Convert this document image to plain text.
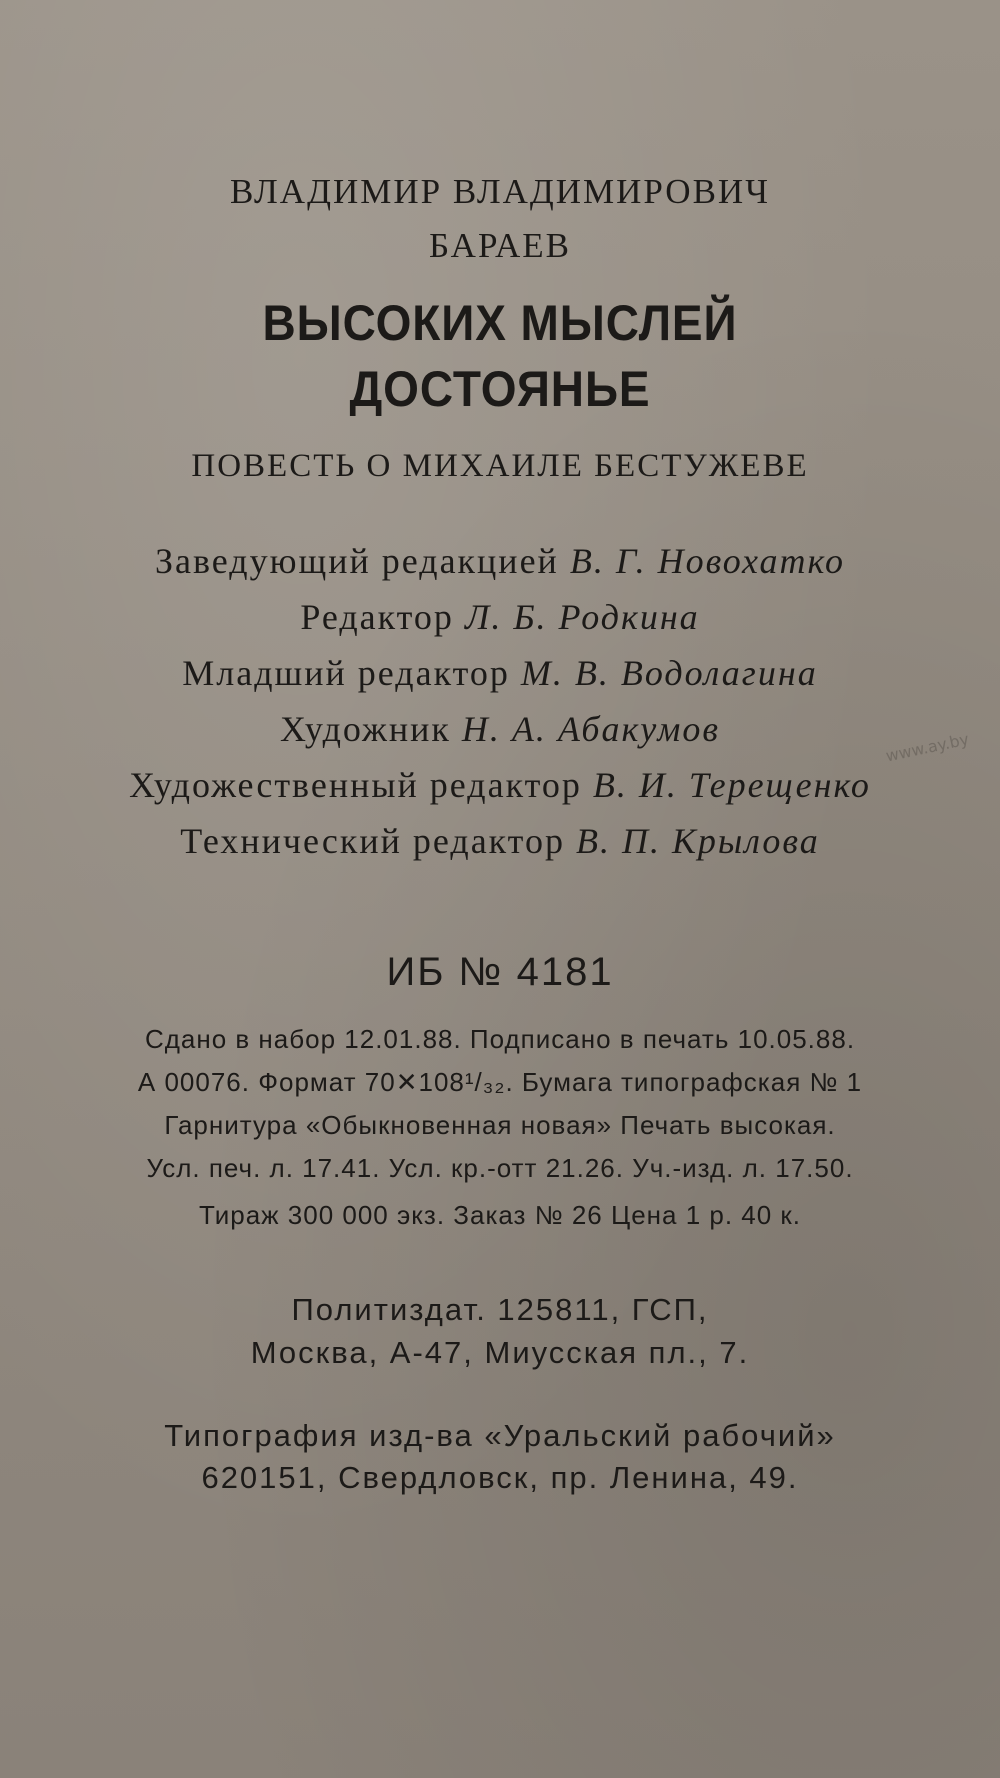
ВЛАДИМИР ВЛАДИМИРОВИЧ
БАРАЕВ
ВЫСОКИХ МЫСЛЕЙ
ДОСТОЯНЬЕ
ПОВЕСТЬ О МИХАИЛЕ БЕСТУЖЕВЕ
Заведующий редакцией В. Г. Новохатко
Редактор Л. Б. Родкина
Младший редактор М. В. Водолагина
Художник Н. А. Абакумов
Художественный редактор В. И. Терещенко
Технический редактор В. П. Крылова
ИБ № 4181
Сдано в набор 12.01.88. Подписано в печать 10.05.88.
А 00076. Формат 70✕108¹/₃₂. Бумага типографская № 1
Гарнитура «Обыкновенная новая» Печать высокая.
Усл. печ. л. 17.41. Усл. кр.-отт 21.26. Уч.-изд. л. 17.50.
Тираж 300 000 экз. Заказ № 26 Цена 1 р. 40 к.
Политиздат. 125811, ГСП,
Москва, А-47, Миусская пл., 7.
Типография изд-ва «Уральский рабочий»
620151, Свердловск, пр. Ленина, 49.
www.ay.by
